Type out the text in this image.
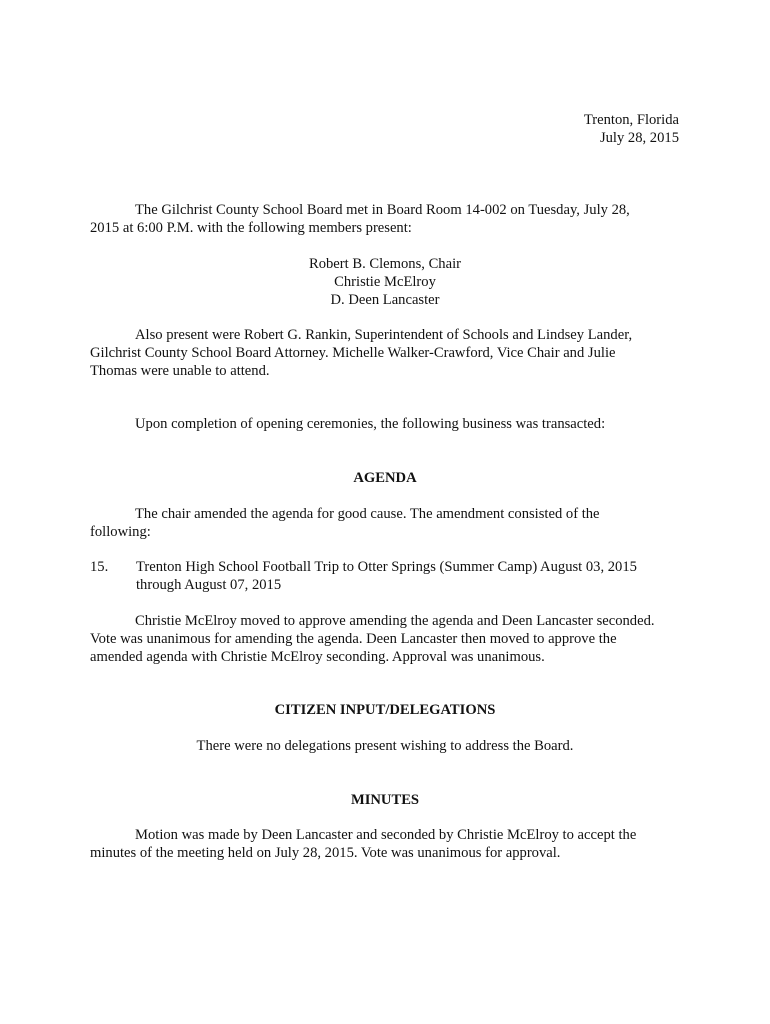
Trenton, Florida
July 28, 2015
The Gilchrist County School Board met in Board Room 14-002 on Tuesday, July 28,
2015 at 6:00 P.M. with the following members present:
Robert B. Clemons, Chair
Christie McElroy
D. Deen Lancaster
Also present were Robert G. Rankin, Superintendent of Schools and Lindsey Lander,
Gilchrist County School Board Attorney. Michelle Walker-Crawford, Vice Chair and Julie
Thomas were unable to attend.
Upon completion of opening ceremonies, the following business was transacted:
AGENDA
The chair amended the agenda for good cause. The amendment consisted of the
following:
15. Trenton High School Football Trip to Otter Springs (Summer Camp) August 03, 2015
through August 07, 2015
Christie McElroy moved to approve amending the agenda and Deen Lancaster seconded.
Vote was unanimous for amending the agenda. Deen Lancaster then moved to approve the
amended agenda with Christie McElroy seconding. Approval was unanimous.
CITIZEN INPUT/DELEGATIONS
There were no delegations present wishing to address the Board.
MINUTES
Motion was made by Deen Lancaster and seconded by Christie McElroy to accept the
minutes of the meeting held on July 28, 2015. Vote was unanimous for approval.
